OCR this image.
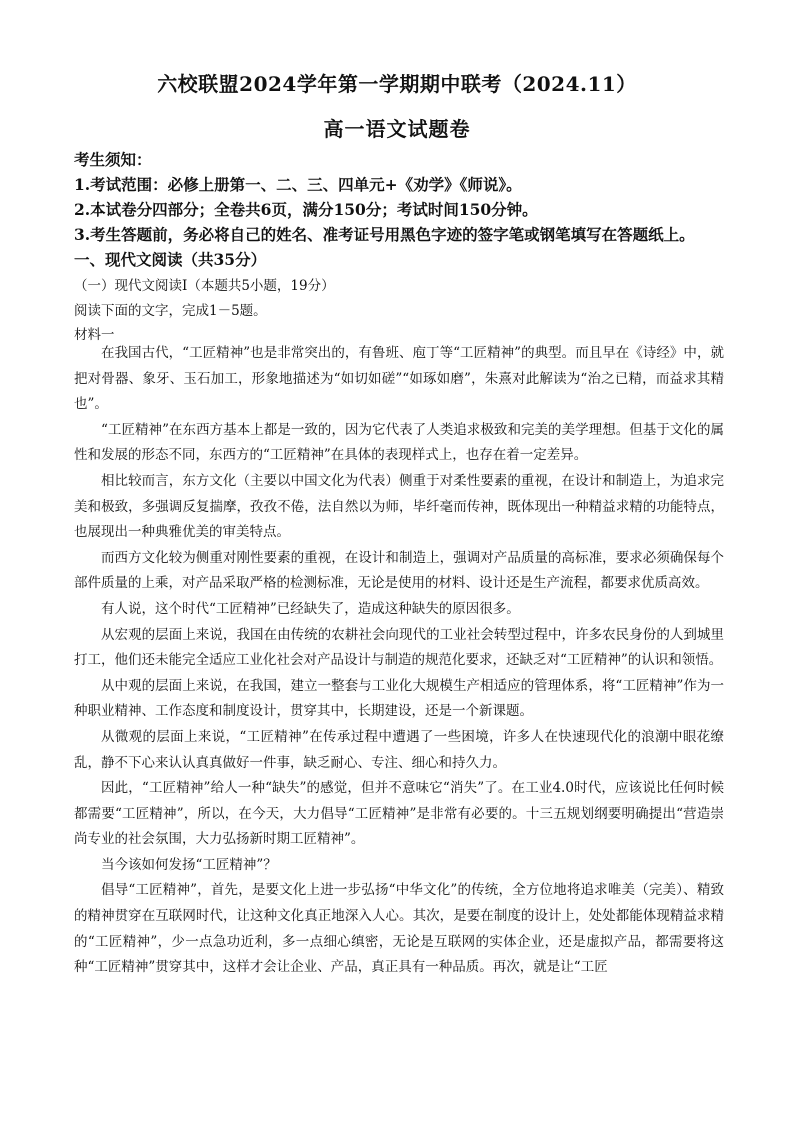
六校联盟2024学年第一学期期中联考（2024.11）
高一语文试题卷
考生须知：
1.考试范围：必修上册第一、二、三、四单元+《劝学》《师说》。
2.本试卷分四部分；全卷共6页，满分150分；考试时间150分钟。
3.考生答题前，务必将自己的姓名、准考证号用黑色字迹的签字笔或钢笔填写在答题纸上。
一、现代文阅读（共35分）
（一）现代文阅读Ⅰ（本题共5小题，19分）
阅读下面的文字，完成1－5题。
材料一

在我国古代，“工匠精神”也是非常突出的，有鲁班、庖丁等“工匠精神”的典型。而且早在《诗经》中，就把对骨器、象牙、玉石加工，形象地描述为“如切如磋”“如琢如磨”，朱熹对此解读为“治之已精，而益求其精也”。

“工匠精神”在东西方基本上都是一致的，因为它代表了人类追求极致和完美的美学理想。但基于文化的属性和发展的形态不同，东西方的“工匠精神”在具体的表现样式上，也存在着一定差异。

相比较而言，东方文化（主要以中国文化为代表）侧重于对柔性要素的重视，在设计和制造上，为追求完美和极致，多强调反复揣摩，孜孜不倦，法自然以为师，毕纤毫而传神，既体现出一种精益求精的功能特点，也展现出一种典雅优美的审美特点。

而西方文化较为侧重对刚性要素的重视，在设计和制造上，强调对产品质量的高标准，要求必须确保每个部件质量的上乘，对产品采取严格的检测标准，无论是使用的材料、设计还是生产流程，都要求优质高效。

有人说，这个时代“工匠精神”已经缺失了，造成这种缺失的原因很多。

从宏观的层面上来说，我国在由传统的农耕社会向现代的工业社会转型过程中，许多农民身份的人到城里打工，他们还未能完全适应工业化社会对产品设计与制造的规范化要求，还缺乏对“工匠精神”的认识和领悟。

从中观的层面上来说，在我国，建立一整套与工业化大规模生产相适应的管理体系，将“工匠精神”作为一种职业精神、工作态度和制度设计，贯穿其中，长期建设，还是一个新课题。

从微观的层面上来说，“工匠精神”在传承过程中遭遇了一些困境，许多人在快速现代化的浪潮中眼花缭乱，静不下心来认认真真做好一件事，缺乏耐心、专注、细心和持久力。

因此，“工匠精神”给人一种“缺失”的感觉，但并不意味它“消失”了。在工业4.0时代，应该说比任何时候都需要“工匠精神”，所以，在今天，大力倡导“工匠精神”是非常有必要的。十三五规划纲要明确提出“营造崇尚专业的社会氛围，大力弘扬新时期工匠精神”。

当今该如何发扬“工匠精神”？

倡导“工匠精神”，首先，是要文化上进一步弘扬“中华文化”的传统，全方位地将追求唯美（完美）、精致的精神贯穿在互联网时代，让这种文化真正地深入人心。其次，是要在制度的设计上，处处都能体现精益求精的“工匠精神”，少一点急功近利，多一点细心缜密，无论是互联网的实体企业，还是虚拟产品，都需要将这种“工匠精神”贯穿其中，这样才会让企业、产品，真正具有一种品质。再次，就是让“工匠
